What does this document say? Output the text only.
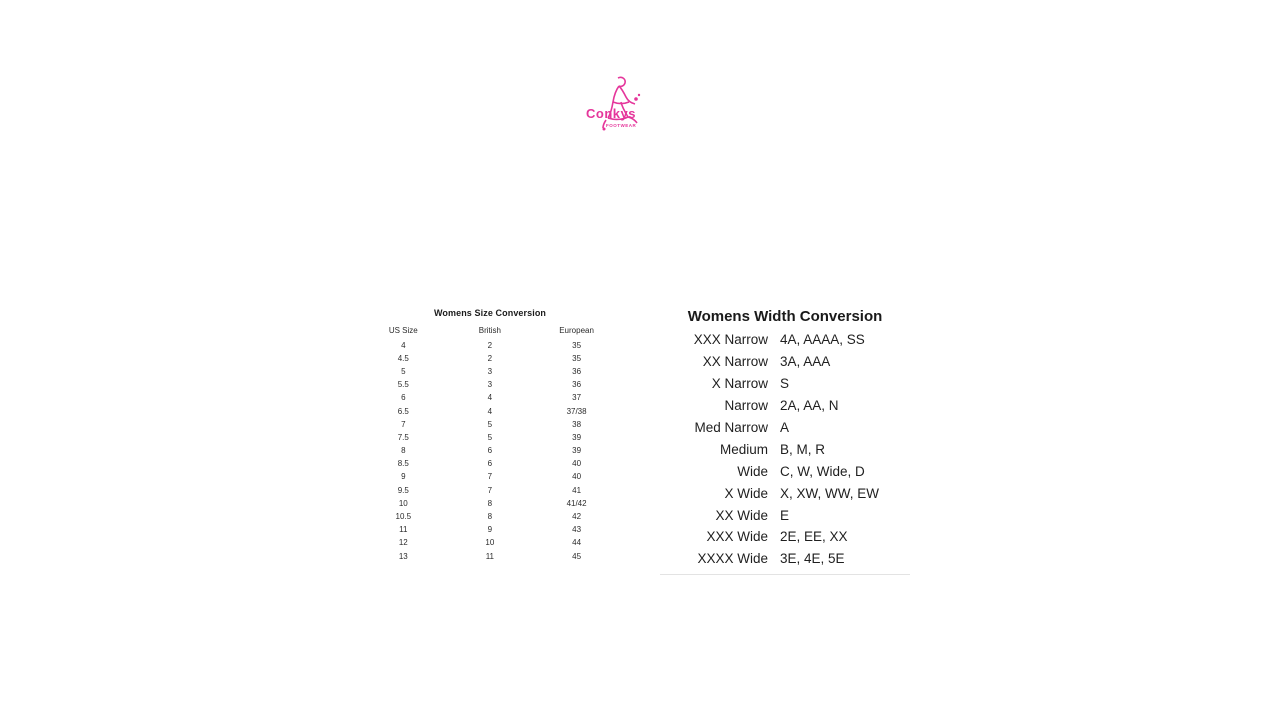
Conkys
FOOTWEAR
Womens Size Conversion
US Size	British	European
4	2	35
4.5	2	35
5	3	36
5.5	3	36
6	4	37
6.5	4	37/38
7	5	38
7.5	5	39
8	6	39
8.5	6	40
9	7	40
9.5	7	41
10	8	41/42
10.5	8	42
11	9	43
12	10	44
13	11	45
Womens Width Conversion
XXX Narrow	4A, AAAA, SS
XX Narrow	3A, AAA
X Narrow	S
Narrow	2A, AA, N
Med Narrow	A
Medium	B, M, R
Wide	C, W, Wide, D
X Wide	X, XW, WW, EW
XX Wide	E
XXX Wide	2E, EE, XX
XXXX Wide	3E, 4E, 5E
